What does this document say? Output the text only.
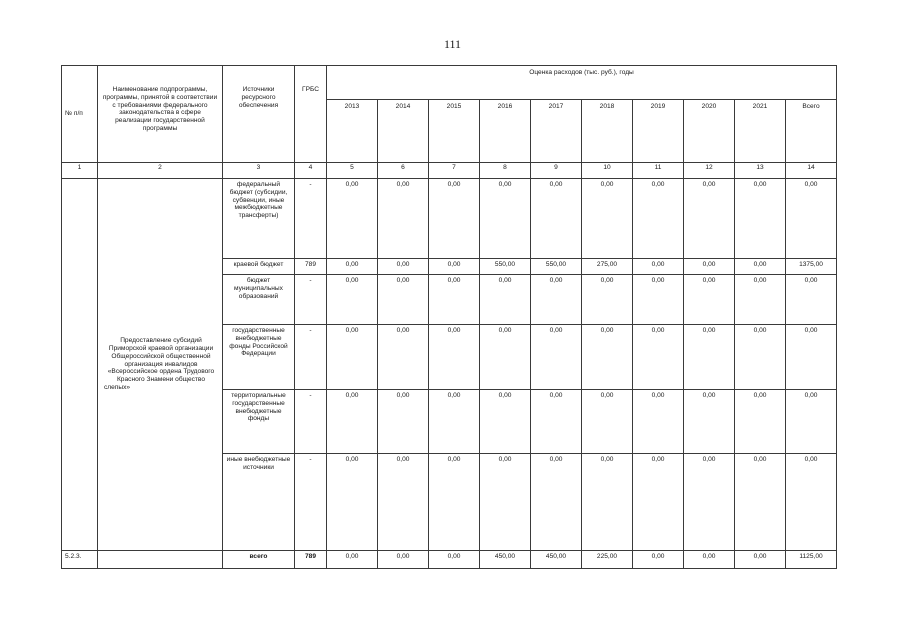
111
№ п/п	Наименование подпрограммы, программы, принятой в соответствии с требованиями федерального законодательства в сфере реализации государственной программы	Источники ресурсного обеспечения	ГРБС	Оценка расходов (тыс. руб.), годы									
				2013	2014	2015	2016	2017	2018	2019	2020	2021	Всего
1	2	3	4	5	6	7	8	9	10	11	12	13	14
	Предоставление субсидий Приморской краевой организации Общероссийской общественной организация инвалидов «Всероссийское ордена Трудового Красного Знамени общество слепых»	федеральный бюджет (субсидии, субвенции, иные межбюджетные трансферты)	-	0,00	0,00	0,00	0,00	0,00	0,00	0,00	0,00	0,00	0,00
		краевой бюджет	789	0,00	0,00	0,00	550,00	550,00	275,00	0,00	0,00	0,00	1375,00
		бюджет муниципальных образований	-	0,00	0,00	0,00	0,00	0,00	0,00	0,00	0,00	0,00	0,00
		государственные внебюджетные фонды Российской Федерации	-	0,00	0,00	0,00	0,00	0,00	0,00	0,00	0,00	0,00	0,00
		территориальные государственные внебюджетные фонды	-	0,00	0,00	0,00	0,00	0,00	0,00	0,00	0,00	0,00	0,00
		иные внебюджетные источники	-	0,00	0,00	0,00	0,00	0,00	0,00	0,00	0,00	0,00	0,00
5.2.3.		всего	789	0,00	0,00	0,00	450,00	450,00	225,00	0,00	0,00	0,00	1125,00
